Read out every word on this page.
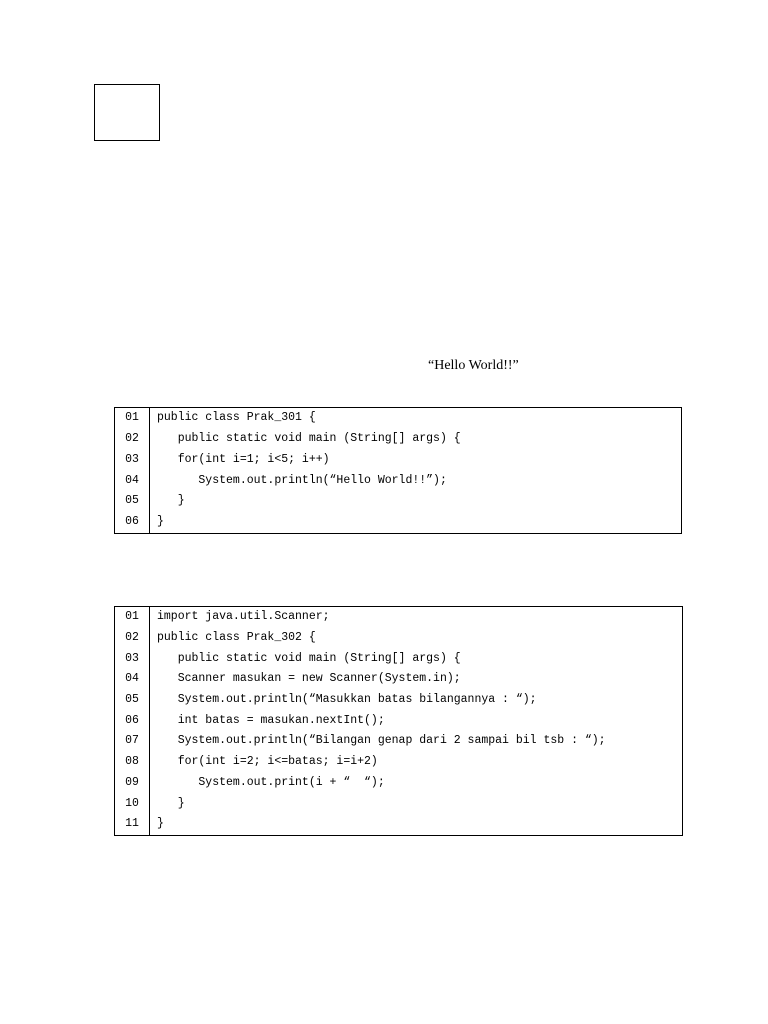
“Hello World!!”
01	public class Prak_301 {
02	public static void main (String[] args) {
03	for(int i=1; i<5; i++)
04	System.out.println(“Hello World!!”);
05	}
06	}
01	import java.util.Scanner;
02	public class Prak_302 {
03	public static void main (String[] args) {
04	Scanner masukan = new Scanner(System.in);
05	System.out.println(“Masukkan batas bilangannya : “);
06	int batas = masukan.nextInt();
07	System.out.println(“Bilangan genap dari 2 sampai bil tsb : “);
08	for(int i=2; i<=batas; i=i+2)
09	System.out.print(i + “  “);
10	}
11	}
